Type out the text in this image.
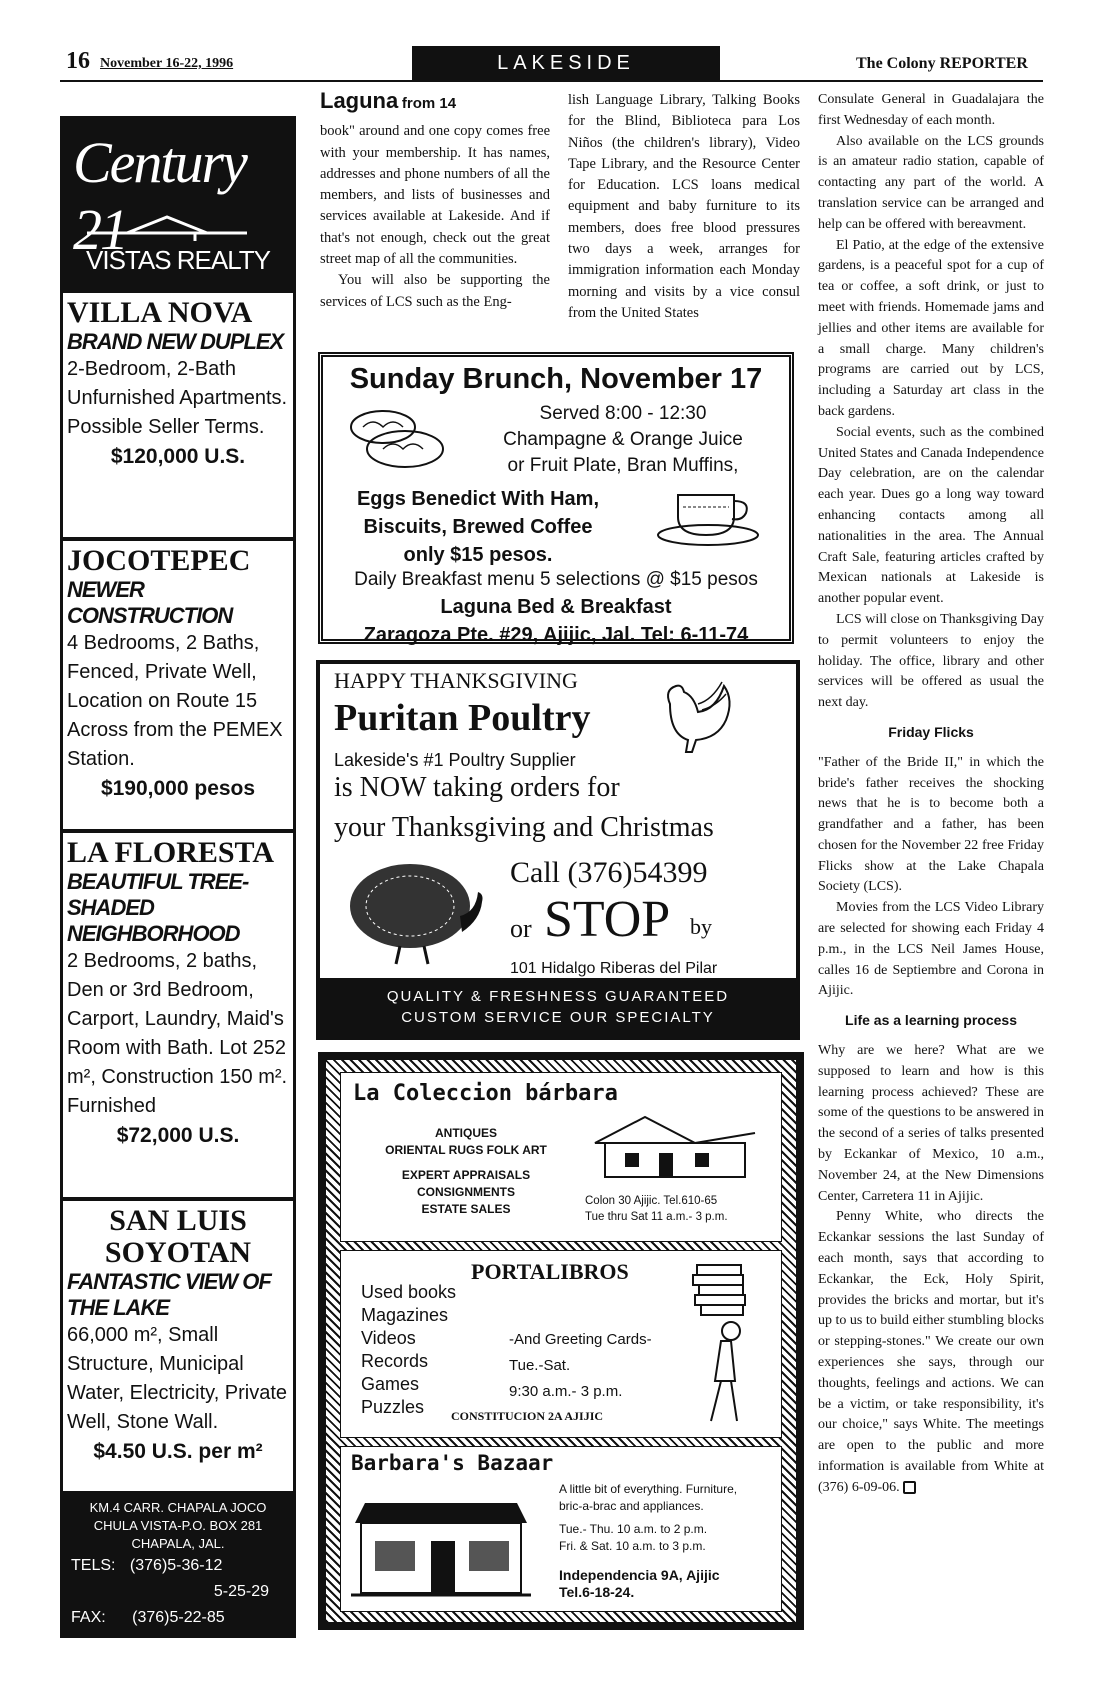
16 November 16-22, 1996	LAKESIDE	The Colony REPORTER
Century 21
VISTAS REALTY
VILLA NOVA
BRAND NEW DUPLEX
2-Bedroom, 2-Bath Unfurnished Apartments. Possible Seller Terms.
$120,000 U.S.
JOCOTEPEC
NEWER CONSTRUCTION
4 Bedrooms, 2 Baths, Fenced, Private Well, Location on Route 15 Across from the PEMEX Station.
$190,000 pesos
LA FLORESTA
BEAUTIFUL TREE-SHADED NEIGHBORHOOD
2 Bedrooms, 2 baths, Den or 3rd Bedroom, Carport, Laundry, Maid's Room with Bath. Lot 252 m², Construction 150 m². Furnished
$72,000 U.S.
SAN LUIS SOYOTAN
FANTASTIC VIEW OF THE LAKE
66,000 m², Small Structure, Municipal Water, Electricity, Private Well, Stone Wall.
$4.50 U.S. per m²
KM.4 CARR. CHAPALA JOCO CHULA VISTA-P.O. BOX 281 CHAPALA, JAL.
TELS: (376)5-36-12
5-25-29
FAX: (376)5-22-85
Laguna from 14

book" around and one copy comes free with your membership. It has names, addresses and phone numbers of all the members, and lists of businesses and services available at Lakeside. And if that's not enough, check out the great street map of all the communities.

You will also be supporting the services of LCS such as the Eng-

lish Language Library, Talking Books for the Blind, Biblioteca para Los Niños (the children's library), Video Tape Library, and the Resource Center for Education. LCS loans medical equipment and baby furniture to its members, does free blood pressures two days a week, arranges for immigration information each Monday morning and visits by a vice consul from the United States

Consulate General in Guadalajara the first Wednesday of each month.

Also available on the LCS grounds is an amateur radio station, capable of contacting any part of the world. A translation service can be arranged and help can be offered with bereavment.

El Patio, at the edge of the extensive gardens, is a peaceful spot for a cup of tea or coffee, a soft drink, or just to meet with friends. Homemade jams and jellies and other items are available for a small charge. Many children's programs are carried out by LCS, including a Saturday art class in the back gardens.

Social events, such as the combined United States and Canada Independence Day celebration, are on the calendar each year. Dues go a long way toward enhancing contacts among all nationalities in the area. The Annual Craft Sale, featuring articles crafted by Mexican nationals at Lakeside is another popular event.

LCS will close on Thanksgiving Day to permit volunteers to enjoy the holiday. The office, library and other services will be offered as usual the next day.

Friday Flicks

"Father of the Bride II," in which the bride's father receives the shocking news that he is to become both a grandfather and a father, has been chosen for the November 22 free Friday Flicks show at the Lake Chapala Society (LCS).

Movies from the LCS Video Library are selected for showing each Friday 4 p.m., in the LCS Neil James House, calles 16 de Septiembre and Corona in Ajijic.

Life as a learning process

Why are we here? What are we supposed to learn and how is this learning process achieved? These are some of the questions to be answered in the second of a series of talks presented by Eckankar of Mexico, 10 a.m., November 24, at the New Dimensions Center, Carretera 11 in Ajijic.

Penny White, who directs the Eckankar sessions the last Sunday of each month, says that according to Eckankar, the Eck, Holy Spirit, provides the bricks and mortar, but it's up to us to build either stumbling blocks or stepping-stones." We create our own experiences she says, through our thoughts, feelings and actions. We can be a victim, or take responsibility, it's our choice," says White. The meetings are open to the public and more information is available from White at (376) 6-09-06.

Sunday Brunch, November 17
Served 8:00 - 12:30
Champagne & Orange Juice
or Fruit Plate, Bran Muffins,
Eggs Benedict With Ham,
Biscuits, Brewed Coffee
only $15 pesos.
Daily Breakfast menu 5 selections @ $15 pesos
Laguna Bed & Breakfast
Zaragoza Pte. #29, Ajijic, Jal. Tel: 6-11-74
HAPPY THANKSGIVING
Puritan Poultry
Lakeside's #1 Poultry Supplier
is NOW taking orders for
your Thanksgiving and Christmas
Call (376)54399
or STOP by
101 Hidalgo Riberas del Pilar
QUALITY & FRESHNESS GUARANTEED
CUSTOM SERVICE OUR SPECIALTY
La Coleccion bárbara
ANTIQUES
ORIENTAL RUGS FOLK ART
EXPERT APPRAISALS
CONSIGNMENTS
ESTATE SALES
Colon 30 Ajijic. Tel.610-65
Tue thru Sat 11 a.m.- 3 p.m.
PORTALIBROS
Used books
Magazines
Videos
Records
Games
Puzzles
-And Greeting Cards-
Tue.-Sat.
9:30 a.m.- 3 p.m.
CONSTITUCION 2A AJIJIC
Barbara's Bazaar
A little bit of everything. Furniture,
bric-a-brac and appliances.
Tue.- Thu. 10 a.m. to 2 p.m.
Fri. & Sat. 10 a.m. to 3 p.m.
Independencia 9A, Ajijic
Tel.6-18-24.
